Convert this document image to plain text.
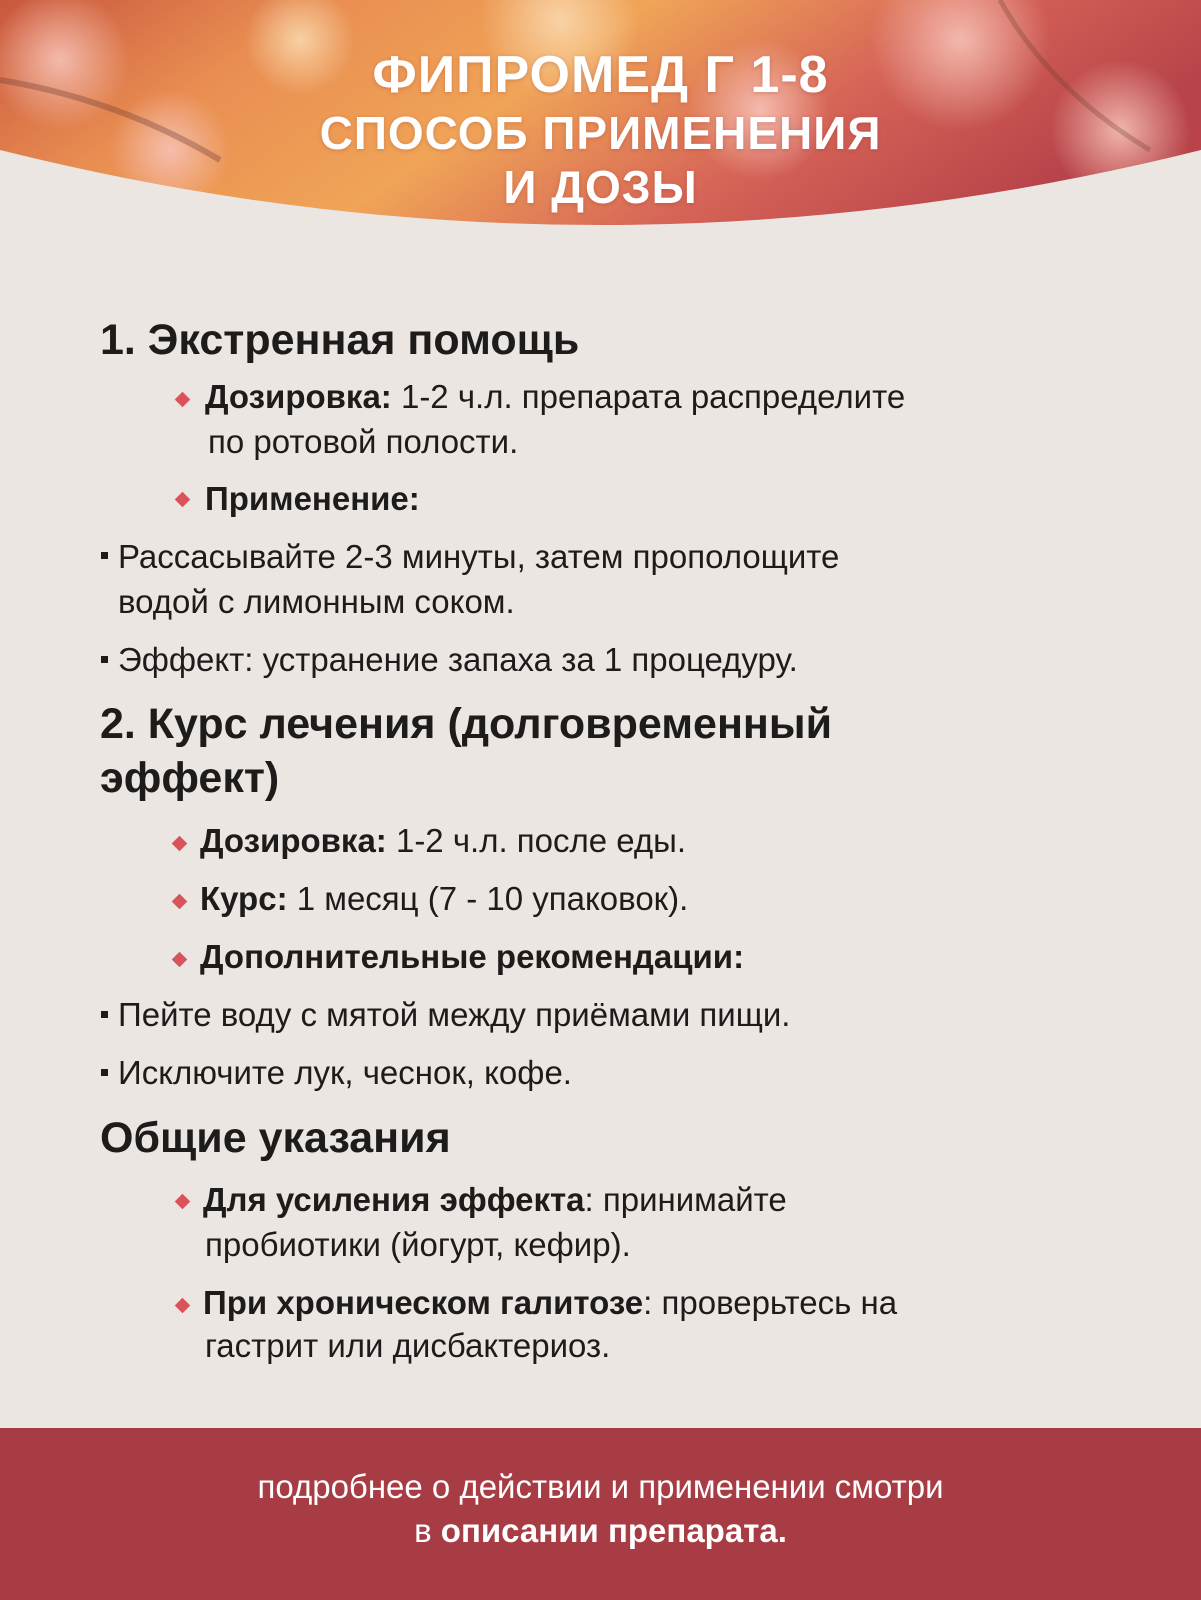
ФИПРОМЕД Г 1-8
СПОСОБ ПРИМЕНЕНИЯ
И ДОЗЫ
1. Экстренная помощь
Дозировка: 1-2 ч.л. препарата распределите
по ротовой полости.
Применение:
Рассасывайте 2-3 минуты, затем прополощите
водой с лимонным соком.
Эффект: устранение запаха за 1 процедуру.
2. Курс лечения (долговременный
эффект)
Дозировка: 1-2 ч.л. после еды.
Курс: 1 месяц (7 - 10 упаковок).
Дополнительные рекомендации:
Пейте воду с мятой между приёмами пищи.
Исключите лук, чеснок, кофе.
Общие указания
Для усиления эффекта: принимайте
пробиотики (йогурт, кефир).
При хроническом галитозе: проверьтесь на
гастрит или дисбактериоз.
подробнее о действии и применении смотри
в описании препарата.
